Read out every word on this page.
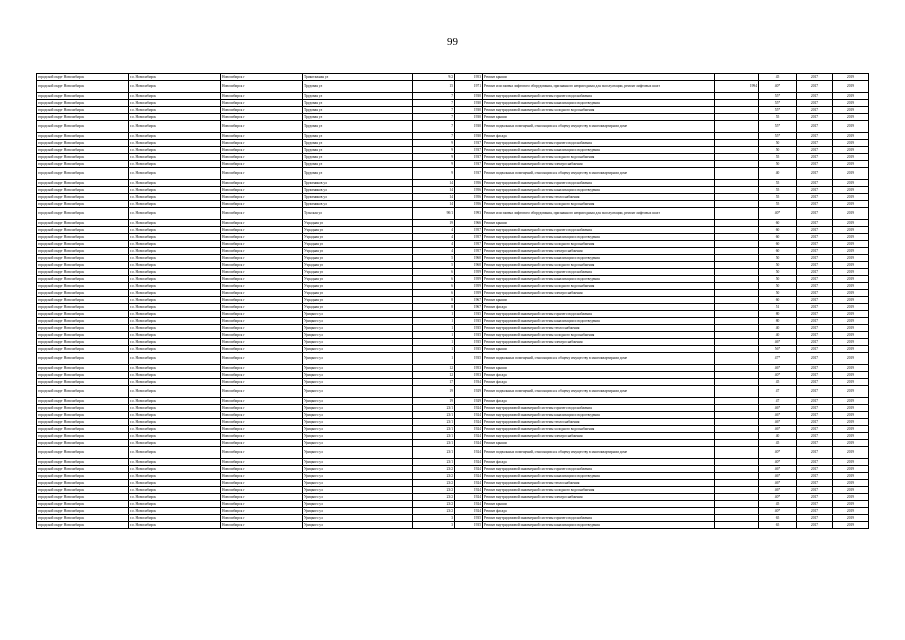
99
городской округ Новосибирск	г.о. Новосибирск	Новосибирск г	Трикотажная ул	9/2	1953	Ремонт крыши		45	2017	2019
городской округ Новосибирск	г.о. Новосибирск	Новосибирск г	Трудовая ул	15	1971	Ремонт или замена лифтового оборудования, признанного непригодным для эксплуатации, ремонт лифтовых шахт	1994	40*	2017	2019
городской округ Новосибирск	г.о. Новосибирск	Новосибирск г	Трудовая ул	7	1930	Ремонт внутридомовой инженерной системы горячего водоснабжения		55*	2017	2019
городской округ Новосибирск	г.о. Новосибирск	Новосибирск г	Трудовая ул	7	1930	Ремонт внутридомовой инженерной системы канализации и водоотведения		55*	2017	2019
городской округ Новосибирск	г.о. Новосибирск	Новосибирск г	Трудовая ул	7	1930	Ремонт внутридомовой инженерной системы холодного водоснабжения		55*	2017	2019
городской округ Новосибирск	г.о. Новосибирск	Новосибирск г	Трудовая ул	7	1930	Ремонт крыши		55	2017	2019
городской округ Новосибирск	г.о. Новосибирск	Новосибирск г	Трудовая ул	7	1930	Ремонт подвальных помещений, относящихся к общему имуществу в многоквартирном доме		55*	2017	2019
городской округ Новосибирск	г.о. Новосибирск	Новосибирск г	Трудовая ул	7	1930	Ремонт фасада		55*	2017	2019
городской округ Новосибирск	г.о. Новосибирск	Новосибирск г	Трудовая ул	9	1937	Ремонт внутридомовой инженерной системы горячего водоснабжения		50	2017	2019
городской округ Новосибирск	г.о. Новосибирск	Новосибирск г	Трудовая ул	9	1937	Ремонт внутридомовой инженерной системы канализации и водоотведения		50	2017	2019
городской округ Новосибирск	г.о. Новосибирск	Новосибирск г	Трудовая ул	9	1937	Ремонт внутридомовой инженерной системы холодного водоснабжения		55	2017	2019
городской округ Новосибирск	г.о. Новосибирск	Новосибирск г	Трудовая ул	9	1937	Ремонт внутридомовой инженерной системы электроснабжения		50	2017	2019
городской округ Новосибирск	г.о. Новосибирск	Новосибирск г	Трудовая ул	9	1937	Ремонт подвальных помещений, относящихся к общему имуществу в многоквартирном доме		40	2017	2019
городской округ Новосибирск	г.о. Новосибирск	Новосибирск г	Тружеников ул	14	1956	Ремонт внутридомовой инженерной системы горячего водоснабжения		55	2017	2019
городской округ Новосибирск	г.о. Новосибирск	Новосибирск г	Тружеников ул	14	1956	Ремонт внутридомовой инженерной системы канализации и водоотведения		55	2017	2019
городской округ Новосибирск	г.о. Новосибирск	Новосибирск г	Тружеников ул	14	1956	Ремонт внутридомовой инженерной системы теплоснабжения		55	2017	2019
городской округ Новосибирск	г.о. Новосибирск	Новосибирск г	Тружеников ул	14	1956	Ремонт внутридомовой инженерной системы холодного водоснабжения		55	2017	2019
городской округ Новосибирск	г.о. Новосибирск	Новосибирск г	Тульская ул	90/1	1993	Ремонт или замена лифтового оборудования, признанного непригодным для эксплуатации, ремонт лифтовых шахт		40*	2017	2019
городской округ Новосибирск	г.о. Новосибирск	Новосибирск г	Учрадная ул	19	1966	Ремонт крыши		60	2017	2019
городской округ Новосибирск	г.о. Новосибирск	Новосибирск г	Учрадная ул	4	1957	Ремонт внутридомовой инженерной системы горячего водоснабжения		60	2017	2019
городской округ Новосибирск	г.о. Новосибирск	Новосибирск г	Учрадная ул	4	1957	Ремонт внутридомовой инженерной системы канализации и водоотведения		60	2017	2019
городской округ Новосибирск	г.о. Новосибирск	Новосибирск г	Учрадная ул	4	1957	Ремонт внутридомовой инженерной системы холодного водоснабжения		60	2017	2019
городской округ Новосибирск	г.о. Новосибирск	Новосибирск г	Учрадная ул	4	1957	Ремонт внутридомовой инженерной системы электроснабжения		60	2017	2019
городской округ Новосибирск	г.о. Новосибирск	Новосибирск г	Учрадная ул	5	1960	Ремонт внутридомовой инженерной системы канализации и водоотведения		50	2017	2019
городской округ Новосибирск	г.о. Новосибирск	Новосибирск г	Учрадная ул	5	1960	Ремонт внутридомовой инженерной системы холодного водоснабжения		50	2017	2019
городской округ Новосибирск	г.о. Новосибирск	Новосибирск г	Учрадная ул	6	1959	Ремонт внутридомовой инженерной системы горячего водоснабжения		50	2017	2019
городской округ Новосибирск	г.о. Новосибирск	Новосибирск г	Учрадная ул	6	1959	Ремонт внутридомовой инженерной системы канализации и водоотведения		50	2017	2019
городской округ Новосибирск	г.о. Новосибирск	Новосибирск г	Учрадная ул	6	1959	Ремонт внутридомовой инженерной системы холодного водоснабжения		50	2017	2019
городской округ Новосибирск	г.о. Новосибирск	Новосибирск г	Учрадная ул	6	1959	Ремонт внутридомовой инженерной системы электроснабжения		50	2017	2019
городской округ Новосибирск	г.о. Новосибирск	Новосибирск г	Учрадная ул	8	1967	Ремонт крыши		60	2017	2019
городской округ Новосибирск	г.о. Новосибирск	Новосибирск г	Учрадная ул	8	1967	Ремонт фасада		51	2017	2019
городской округ Новосибирск	г.о. Новосибирск	Новосибирск г	Урицкого ул	1	1935	Ремонт внутридомовой инженерной системы горячего водоснабжения		80	2017	2019
городской округ Новосибирск	г.о. Новосибирск	Новосибирск г	Урицкого ул	1	1935	Ремонт внутридомовой инженерной системы канализации и водоотведения		80	2017	2019
городской округ Новосибирск	г.о. Новосибирск	Новосибирск г	Урицкого ул	1	1935	Ремонт внутридомовой инженерной системы теплоснабжения		40	2017	2019
городской округ Новосибирск	г.о. Новосибирск	Новосибирск г	Урицкого ул	1	1935	Ремонт внутридомовой инженерной системы холодного водоснабжения		40	2017	2019
городской округ Новосибирск	г.о. Новосибирск	Новосибирск г	Урицкого ул	1	1935	Ремонт внутридомовой инженерной системы электроснабжения		46*	2017	2019
городской округ Новосибирск	г.о. Новосибирск	Новосибирск г	Урицкого ул	1	1935	Ремонт крыши		56*	2017	2019
городской округ Новосибирск	г.о. Новосибирск	Новосибирск г	Урицкого ул	1	1935	Ремонт подвальных помещений, относящихся к общему имуществу в многоквартирном доме		47*	2017	2019
городской округ Новосибирск	г.о. Новосибирск	Новосибирск г	Урицкого ул	12	1953	Ремонт крыши		46*	2017	2019
городской округ Новосибирск	г.о. Новосибирск	Новосибирск г	Урицкого ул	12	1953	Ремонт фасада		40*	2017	2019
городской округ Новосибирск	г.о. Новосибирск	Новосибирск г	Урицкого ул	17	1934	Ремонт фасада		45	2017	2019
городской округ Новосибирск	г.о. Новосибирск	Новосибирск г	Урицкого ул	19	1929	Ремонт подвальных помещений, относящихся к общему имуществу в многоквартирном доме		47	2017	2019
городской округ Новосибирск	г.о. Новосибирск	Новосибирск г	Урицкого ул	19	1929	Ремонт фасада		47	2017	2019
городской округ Новосибирск	г.о. Новосибирск	Новосибирск г	Урицкого ул	23/1	1924	Ремонт внутридомовой инженерной системы горячего водоснабжения		46*	2017	2019
городской округ Новосибирск	г.о. Новосибирск	Новосибирск г	Урицкого ул	23/1	1924	Ремонт внутридомовой инженерной системы канализации и водоотведения		46*	2017	2019
городской округ Новосибирск	г.о. Новосибирск	Новосибирск г	Урицкого ул	23/1	1924	Ремонт внутридомовой инженерной системы теплоснабжения		46*	2017	2019
городской округ Новосибирск	г.о. Новосибирск	Новосибирск г	Урицкого ул	23/1	1924	Ремонт внутридомовой инженерной системы холодного водоснабжения		46*	2017	2019
городской округ Новосибирск	г.о. Новосибирск	Новосибирск г	Урицкого ул	23/1	1924	Ремонт внутридомовой инженерной системы электроснабжения		40	2017	2019
городской округ Новосибирск	г.о. Новосибирск	Новосибирск г	Урицкого ул	23/1	1924	Ремонт крыши		45	2017	2019
городской округ Новосибирск	г.о. Новосибирск	Новосибирск г	Урицкого ул	23/1	1924	Ремонт подвальных помещений, относящихся к общему имуществу в многоквартирном доме		40*	2017	2019
городской округ Новосибирск	г.о. Новосибирск	Новосибирск г	Урицкого ул	23/1	1924	Ремонт фасада		40*	2017	2019
городской округ Новосибирск	г.о. Новосибирск	Новосибирск г	Урицкого ул	23/2	1924	Ремонт внутридомовой инженерной системы горячего водоснабжения		46*	2017	2019
городской округ Новосибирск	г.о. Новосибирск	Новосибирск г	Урицкого ул	23/2	1924	Ремонт внутридомовой инженерной системы канализации и водоотведения		46*	2017	2019
городской округ Новосибирск	г.о. Новосибирск	Новосибирск г	Урицкого ул	23/2	1924	Ремонт внутридомовой инженерной системы теплоснабжения		46*	2017	2019
городской округ Новосибирск	г.о. Новосибирск	Новосибирск г	Урицкого ул	23/2	1924	Ремонт внутридомовой инженерной системы холодного водоснабжения		46*	2017	2019
городской округ Новосибирск	г.о. Новосибирск	Новосибирск г	Урицкого ул	23/2	1924	Ремонт внутридомовой инженерной системы электроснабжения		40*	2017	2019
городской округ Новосибирск	г.о. Новосибирск	Новосибирск г	Урицкого ул	23/2	1924	Ремонт крыши		45	2017	2019
городской округ Новосибирск	г.о. Новосибирск	Новосибирск г	Урицкого ул	23/2	1924	Ремонт фасада		40*	2017	2019
городской округ Новосибирск	г.о. Новосибирск	Новосибирск г	Урицкого ул	3	1935	Ремонт внутридомовой инженерной системы горячего водоснабжения		65	2017	2019
городской округ Новосибирск	г.о. Новосибирск	Новосибирск г	Урицкого ул	3	1935	Ремонт внутридомовой инженерной системы канализации и водоотведения		65	2017	2019
